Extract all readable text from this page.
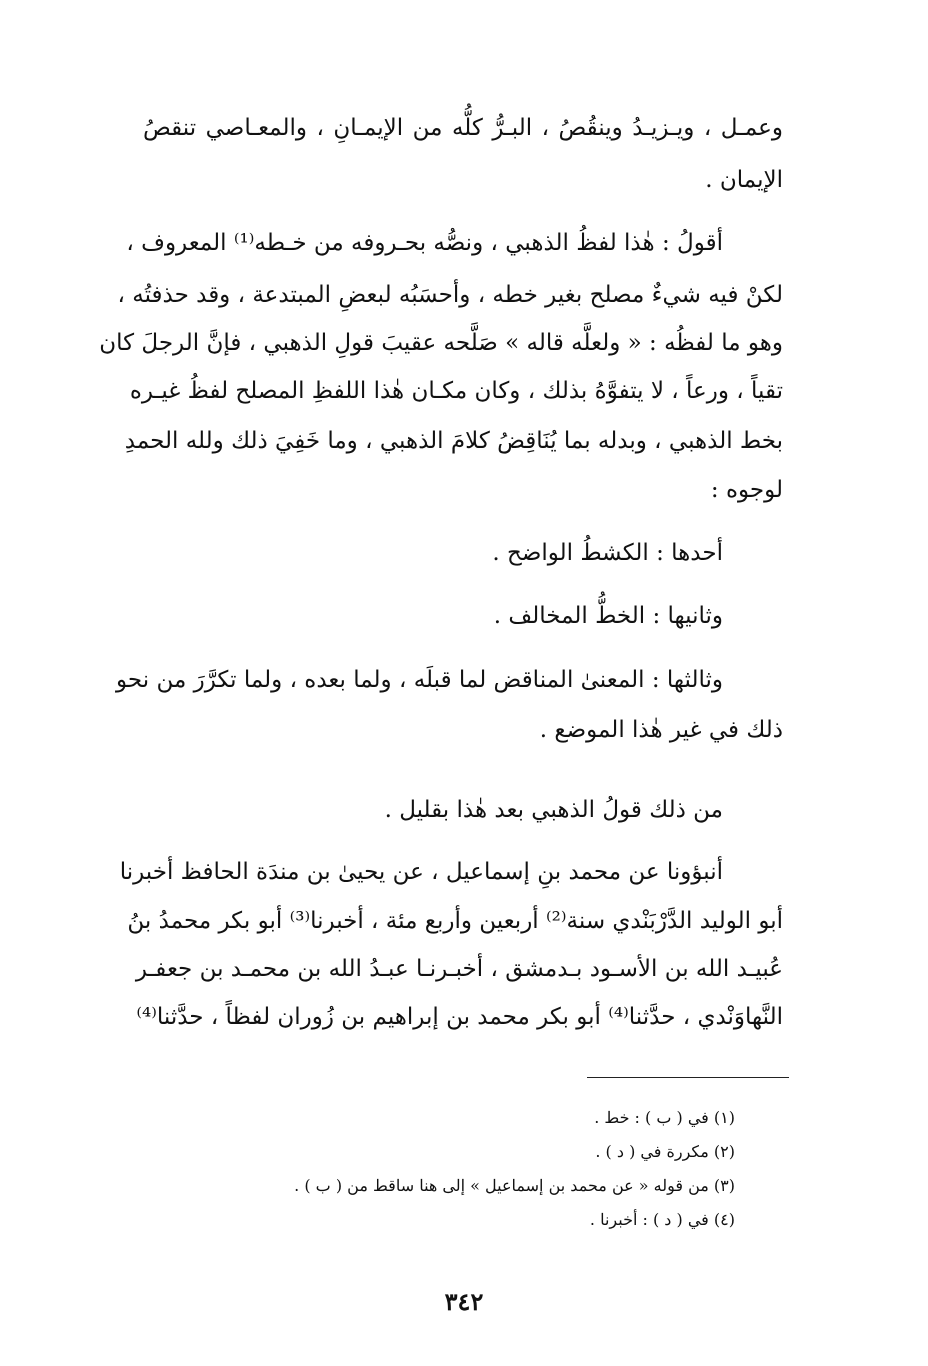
وعمـل ، ويـزيـدُ وينقُصُ ، البـرُّ كلُّه من الإيمـانِ ، والمعـاصي تنقصُ
الإيمان .
أقولُ : هٰذا لفظُ الذهبي ، ونصُّه بحـروفه من خـطه⁽¹⁾ المعروف ،
لكنْ فيه شيءٌ مصلح بغير خطه ، وأحسَبُه لبعضِ المبتدعة ، وقد حذفتُه ،
وهو ما لفظُه : « ولعلَّه قاله » صَلَّحه عقيبَ قولِ الذهبي ، فإنَّ الرجلَ كان
تقياً ، ورعاً ، لا يتفوَّهُ بذلك ، وكان مكـان هٰذا اللفظِ المصلح لفظُ غيـره
بخط الذهبي ، وبدله بما يُنَاقِضُ كلامَ الذهبي ، وما خَفِيَ ذلك ولله الحمدِ
لوجوه :
أحدها : الكشطُ الواضح .
وثانيها : الخطُّ المخالف .
وثالثها : المعنىٰ المناقض لما قبلَه ، ولما بعده ، ولما تكرَّرَ من نحو
ذلك في غير هٰذا الموضع .
من ذلك قولُ الذهبي بعد هٰذا بقليل .
أنبؤونا عن محمد بنِ إسماعيل ، عن يحيىٰ بن مندَة الحافظ أخبرنا
أبو الوليد الدَّرْبَنْدي سنة⁽²⁾ أربعين وأربع مئة ، أخبرنا⁽³⁾ أبو بكر محمدُ بنُ
عُبيـد الله بن الأسـود بـدمشق ، أخبـرنـا عبـدُ الله بن محمـد بن جعفـر
النَّهاوَنْدي ، حدَّثنا⁽⁴⁾ أبو بكر محمد بن إبراهيم بن زُوران لفظاً ، حدَّثنا⁽⁴⁾
(١) في ( ب ) : خط .
(٢) مكررة في ( د ) .
(٣) من قوله « عن محمد بن إسماعيل » إلى هنا ساقط من ( ب ) .
(٤) في ( د ) : أخبرنا .
٣٤٢
